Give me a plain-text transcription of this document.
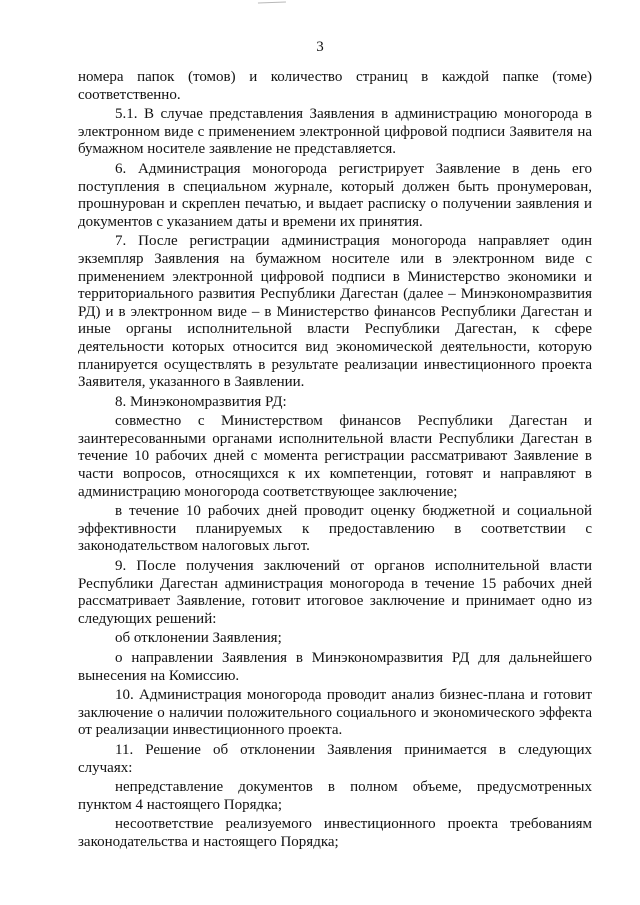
3

номера папок (томов) и количество страниц в каждой папке (томе) соответственно.

5.1. В случае представления Заявления в администрацию моногорода в электронном виде с применением электронной цифровой подписи Заявителя на бумажном носителе заявление не представляется.

6. Администрация моногорода регистрирует Заявление в день его поступления в специальном журнале, который должен быть пронумерован, прошнурован и скреплен печатью, и выдает расписку о получении заявления и документов с указанием даты и времени их принятия.

7. После регистрации администрация моногорода направляет один экземпляр Заявления на бумажном носителе или в электронном виде с применением электронной цифровой подписи в Министерство экономики и территориального развития Республики Дагестан (далее – Минэкономразвития РД) и в электронном виде – в Министерство финансов Республики Дагестан и иные органы исполнительной власти Республики Дагестан, к сфере деятельности которых относится вид экономической деятельности, которую планируется осуществлять в результате реализации инвестиционного проекта Заявителя, указанного в Заявлении.

8. Минэкономразвития РД:

совместно с Министерством финансов Республики Дагестан и заинтересованными органами исполнительной власти Республики Дагестан в течение 10 рабочих дней с момента регистрации рассматривают Заявление в части вопросов, относящихся к их компетенции, готовят и направляют в администрацию моногорода соответствующее заключение;

в течение 10 рабочих дней проводит оценку бюджетной и социальной эффективности планируемых к предоставлению в соответствии с законодательством налоговых льгот.

9. После получения заключений от органов исполнительной власти Республики Дагестан администрация моногорода в течение 15 рабочих дней рассматривает Заявление, готовит итоговое заключение и принимает одно из следующих решений:

об отклонении Заявления;

о направлении Заявления в Минэкономразвития РД для дальнейшего вынесения на Комиссию.

10. Администрация моногорода проводит анализ бизнес-плана и готовит заключение о наличии положительного социального и экономического эффекта от реализации инвестиционного проекта.

11. Решение об отклонении Заявления принимается в следующих случаях:

непредставление документов в полном объеме, предусмотренных пунктом 4 настоящего Порядка;

несоответствие реализуемого инвестиционного проекта требованиям законодательства и настоящего Порядка;
